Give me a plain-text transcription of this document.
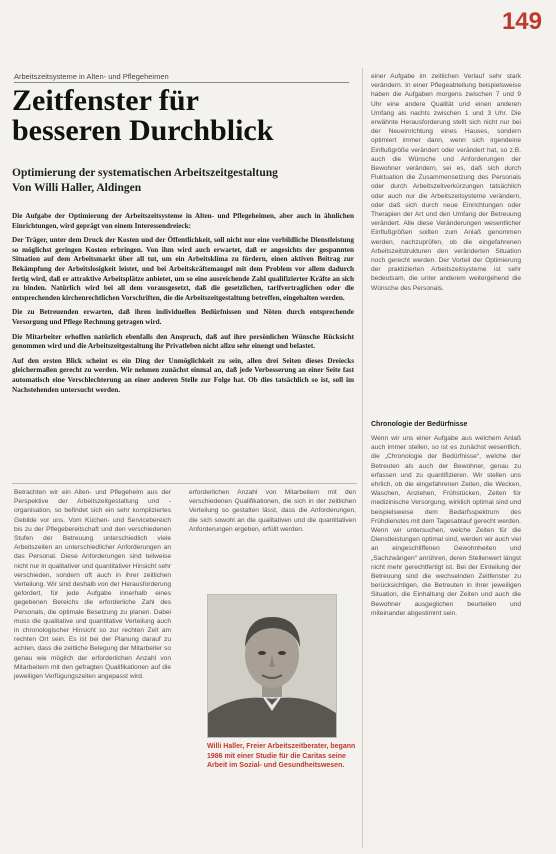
149
Arbeitszeitsysteme in Alten- und Pflegeheimen
Zeitfenster für
besseren Durchblick
Optimierung der systematischen Arbeitszeitgestaltung
Von Willi Haller, Aldingen

Die Aufgabe der Optimierung der Arbeitszeitsysteme in Alten- und Pflegeheimen, aber auch in ähnlichen Einrichtungen, wird geprägt von einem Interessendreieck:

Der Träger, unter dem Druck der Kosten und der Öffentlichkeit, soll nicht nur eine vorbildliche Dienstleistung so möglichst geringen Kosten erbringen. Von ihm wird auch erwartet, daß er angesichts der gespannten Situation auf dem Arbeitsmarkt über all tut, um ein Arbeitsklima zu fördern, einen aktiven Beitrag zur Bekämpfung der Arbeitslosigkeit leistet, und bei Arbeitskräftemangel mit dem Problem vor allem dadurch fertig wird, daß er attraktive Arbeitsplätze anbietet, um so eine ausreichende Zahl qualifizierter Kräfte an sich zu binden. Natürlich wird bei all dem vorausgesetzt, daß die gesetzlichen, tarifvertraglichen oder die entsprechenden kirchenrechtlichen Vorschriften, die die Arbeitszeitgestaltung betreffen, eingehalten werden.

Die zu Betreuenden erwarten, daß ihren individuellen Bedürfnissen und Nöten durch entsprechende Versorgung und Pflege Rechnung getragen wird.

Die Mitarbeiter erhoffen natürlich ebenfalls den Anspruch, daß auf ihre persönlichen Wünsche Rücksicht genommen wird und die Arbeitszeitgestaltung ihr Privatleben nicht allzu sehr einengt und belastet.

Auf den ersten Blick scheint es ein Ding der Unmöglichkeit zu sein, allen drei Seiten dieses Dreiecks gleichermaßen gerecht zu werden. Wir nehmen zunächst einmal an, daß jede Verbesserung an einer Seite fast automatisch eine Verschlechterung an einer anderen Stelle zur Folge hat. Ob dies tatsächlich so ist, soll im Nachstehenden untersucht werden.

Betrachten wir ein Alten- und Pflegeheim aus der Perspektive der Arbeitszeitgestaltung und -organisation, so befindet sich ein sehr kompliziertes Gebilde vor uns. Vom Küchen- und Servicebereich bis zu der Pflegebereitschaft und den verschiedenen Stufen der Betreuung unterschiedlich viele Arbeitszeiten an unterschiedlicher Anforderungen an das Personal. Diese Anforderungen sind teilweise nicht nur in qualitativer und quantitativer Hinsicht sehr verschieden, sondern oft auch in ihrer zeitlichen Verteilung. Wir sind deshalb von der Herausforderung gefordert, für jede Aufgabe innerhalb eines gegebenen Bereichs die erforderliche Zahl des Personals, die optimale Besetzung zu planen. Dabei muss die qualitative und quantitative Verteilung auch in chronologischer Hinsicht so zur rechten Zeit am rechten Ort sein. Es ist bei der Planung darauf zu achten, dass die zeitliche Belegung der Mitarbeiter so genau wie möglich der erforderlichen Anzahl von Mitarbeitern mit den gefragten Qualifikationen auf die jeweiligen Verfügungszeiten angepasst wird.

erforderlichen Anzahl von Mitarbeitern mit den verschiedenen Qualifikationen, die sich in der zeitlichen Verteilung so gestalten lässt, dass die Anforderungen, die sich sowohl an die qualitativen und die quantitativen Anforderungen ergeben, erfüllt werden.

Willi Haller, Freier Arbeitszeitberater, begann 1986 mit einer Studie für die Caritas seine Arbeit im Sozial- und Gesundheitswesen.

einer Aufgabe im zeitlichen Verlauf sehr stark verändern. In einer Pflegeabteilung beispielsweise haben die Aufgaben morgens zwischen 7 und 9 Uhr eine andere Qualität und einen anderen Umfang als nachts zwischen 1 und 3 Uhr. Die erwähnte Herausforderung stellt sich nicht nur bei der Neueinrichtung eines Hauses, sondern optimiert immer dann, wenn sich irgendeine Einflußgröße verändert oder verändert hat, so z.B. auch die Wünsche und Anforderungen der Bewohner verändern, sei es, daß sich durch Fluktuation die Zusammensetzung des Personals oder durch Arbeitszeitverkürzungen tatsächlich oder auch nur die Arbeitszeitsysteme verändern, oder daß sich durch neue Einrichtungen oder Therapien der Art und den Umfang der Betreuung verändert. Alle diese Veränderungen wesentlicher Einflußgrößen sollten zum Anlaß genommen werden, nachzuprüfen, ob die eingefahrenen Arbeitszeitstrukturen den veränderten Situation noch gerecht werden. Der Vorteil der Optimierung der praktizierten Arbeitszeitsysteme ist sehr bedeutsam, die unter anderem weitergehend die Wünsche des Personals.

Chronologie der Bedürfnisse

Wenn wir uns einer Aufgabe aus welchem Anlaß auch immer stellen, so ist es zunächst wesentlich, die „Chronologie der Bedürfnisse“, welche der Betreuten als auch der Bewohner, genau zu erfassen und zu quantifizieren. Wir stellen uns ehrlich, ob die eingefahrenen Zeiten, die Wecken, Waschen, Anziehen, Frühstücken, Zeiten für medizinische Versorgung, wirklich optimal sind und beispielsweise dem Bedarfsspektrum des Frühdienstes mit dem Tagesablauf gerecht werden. Wenn wir untersuchen, welche Zeiten für die Dienstleistungen optimal sind, werden wir auch viel an eingeschliffenen Gewohnheiten und „Sachzwängen“ anrühren, deren Stellenwert längst nicht mehr gerechtfertigt ist. Bei der Einteilung der Betreuung sind die wechselnden Zeitfenster zu berücksichtigen, die Betreuten in ihrer jeweiligen Situation, die Einhaltung der Zeiten und auch die Bewohner ausgeglichen beurteilen und miteinander abgestimmt sein.
